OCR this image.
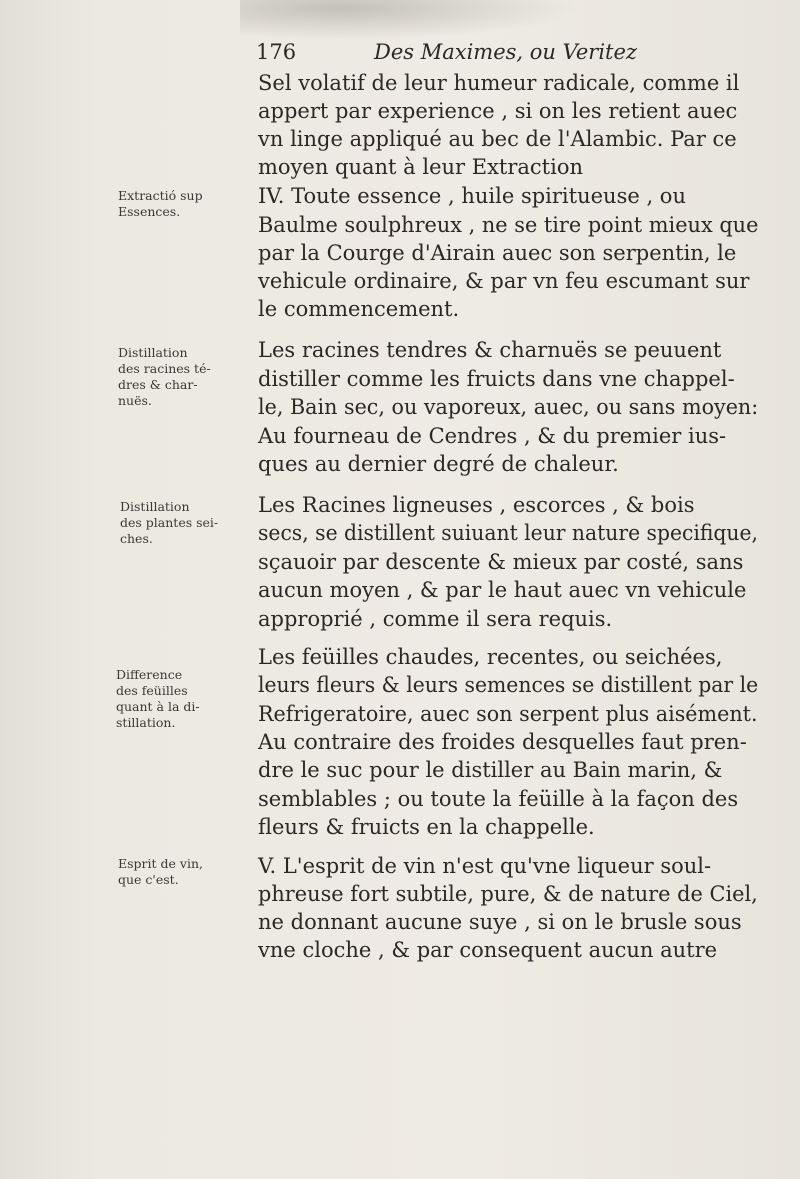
176	Des Maximes, ou Veritez
Sel volatif de leur humeur radicale, comme il
appert par experience , si on les retient auec
vn linge appliqué au bec de l'Alambic. Par ce
moyen quant à leur Extraction
IV. Toute essence , huile spiritueuse , ou
Baulme soulphreux , ne se tire point mieux que
par la Courge d'Airain auec son serpentin, le
vehicule ordinaire, & par vn feu escumant sur
le commencement.
Les racines tendres & charnuës se peuuent
distiller comme les fruicts dans vne chappel-
le, Bain sec, ou vaporeux, auec, ou sans moyen:
Au fourneau de Cendres , & du premier ius-
ques au dernier degré de chaleur.
Les Racines ligneuses , escorces , & bois
secs, se distillent suiuant leur nature specifique,
sçauoir par descente & mieux par costé, sans
aucun moyen , & par le haut auec vn vehicule
approprié , comme il sera requis.
Les feüilles chaudes, recentes, ou seichées,
leurs fleurs & leurs semences se distillent par le
Refrigeratoire, auec son serpent plus aisément.
Au contraire des froides desquelles faut pren-
dre le suc pour le distiller au Bain marin, &
semblables ; ou toute la feüille à la façon des
fleurs & fruicts en la chappelle.
V. L'esprit de vin n'est qu'vne liqueur soul-
phreuse fort subtile, pure, & de nature de Ciel,
ne donnant aucune suye , si on le brusle sous
vne cloche , & par consequent aucun autre
Extractió sup
Essences.
Distillation
des racines té-
dres & char-
nuës.
Distillation
des plantes sei-
ches.
Difference
des feüilles
quant à la di-
stillation.
Esprit de vin,
que c'est.
